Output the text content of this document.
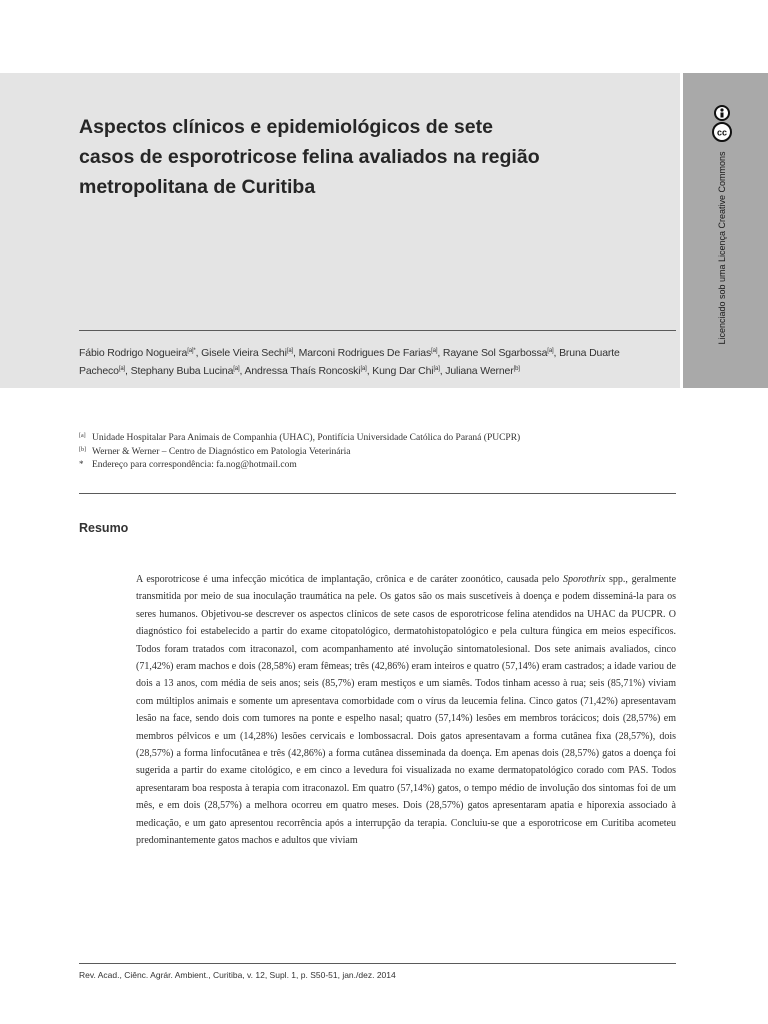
cc
Licenciado sob uma Licença Creative Commons
Aspectos clínicos e epidemiológicos de sete casos de esporotricose felina avaliados na região metropolitana de Curitiba
Fábio Rodrigo Nogueira$^{[a]*}$, Gisele Vieira Sechi[a], Marconi Rodrigues De Farias[a], Rayane Sol Sgarbossa[a], Bruna Duarte Pacheco[a], Stephany Buba Lucina[a], Andressa Thaís Roncoski[a], Kung Dar Chi[a], Juliana Werner[b]
[a] Unidade Hospitalar Para Animais de Companhia (UHAC), Pontifícia Universidade Católica do Paraná (PUCPR)
[b] Werner & Werner – Centro de Diagnóstico em Patologia Veterinária
* Endereço para correspondência: fa.nog@hotmail.com
Resumo

A esporotricose é uma infecção micótica de implantação, crônica e de caráter zoonótico, causada pelo Sporothrix spp., geralmente transmitida por meio de sua inoculação traumática na pele. Os gatos são os mais suscetíveis à doença e podem disseminá-la para os seres humanos. Objetivou-se descrever os aspectos clínicos de sete casos de esporotricose felina atendidos na UHAC da PUCPR. O diagnóstico foi estabelecido a partir do exame citopatológico, dermatohistopatológico e pela cultura fúngica em meios específicos. Todos foram tratados com itraconazol, com acompanhamento até involução sintomatolesional. Dos sete animais avaliados, cinco (71,42%) eram machos e dois (28,58%) eram fêmeas; três (42,86%) eram inteiros e quatro (57,14%) eram castrados; a idade variou de dois a 13 anos, com média de seis anos; seis (85,7%) eram mestiços e um siamês. Todos tinham acesso à rua; seis (85,71%) viviam com múltiplos animais e somente um apresentava comorbidade com o vírus da leucemia felina. Cinco gatos (71,42%) apresentavam lesão na face, sendo dois com tumores na ponte e espelho nasal; quatro (57,14%) lesões em membros torácicos; dois (28,57%) em membros pélvicos e um (14,28%) lesões cervicais e lombossacral. Dois gatos apresentavam a forma cutânea fixa (28,57%), dois (28,57%) a forma linfocutânea e três (42,86%) a forma cutânea disseminada da doença. Em apenas dois (28,57%) gatos a doença foi sugerida a partir do exame citológico, e em cinco a levedura foi visualizada no exame dermatopatológico corado com PAS. Todos apresentaram boa resposta à terapia com itraconazol. Em quatro (57,14%) gatos, o tempo médio de involução dos sintomas foi de um mês, e em dois (28,57%) a melhora ocorreu em quatro meses. Dois (28,57%) gatos apresentaram apatia e hiporexia associado à medicação, e um gato apresentou recorrência após a interrupção da terapia. Concluiu-se que a esporotricose em Curitiba acometeu predominantemente gatos machos e adultos que viviam

Rev. Acad., Ciênc. Agrár. Ambient., Curitiba, v. 12, Supl. 1, p. S50-51, jan./dez. 2014
